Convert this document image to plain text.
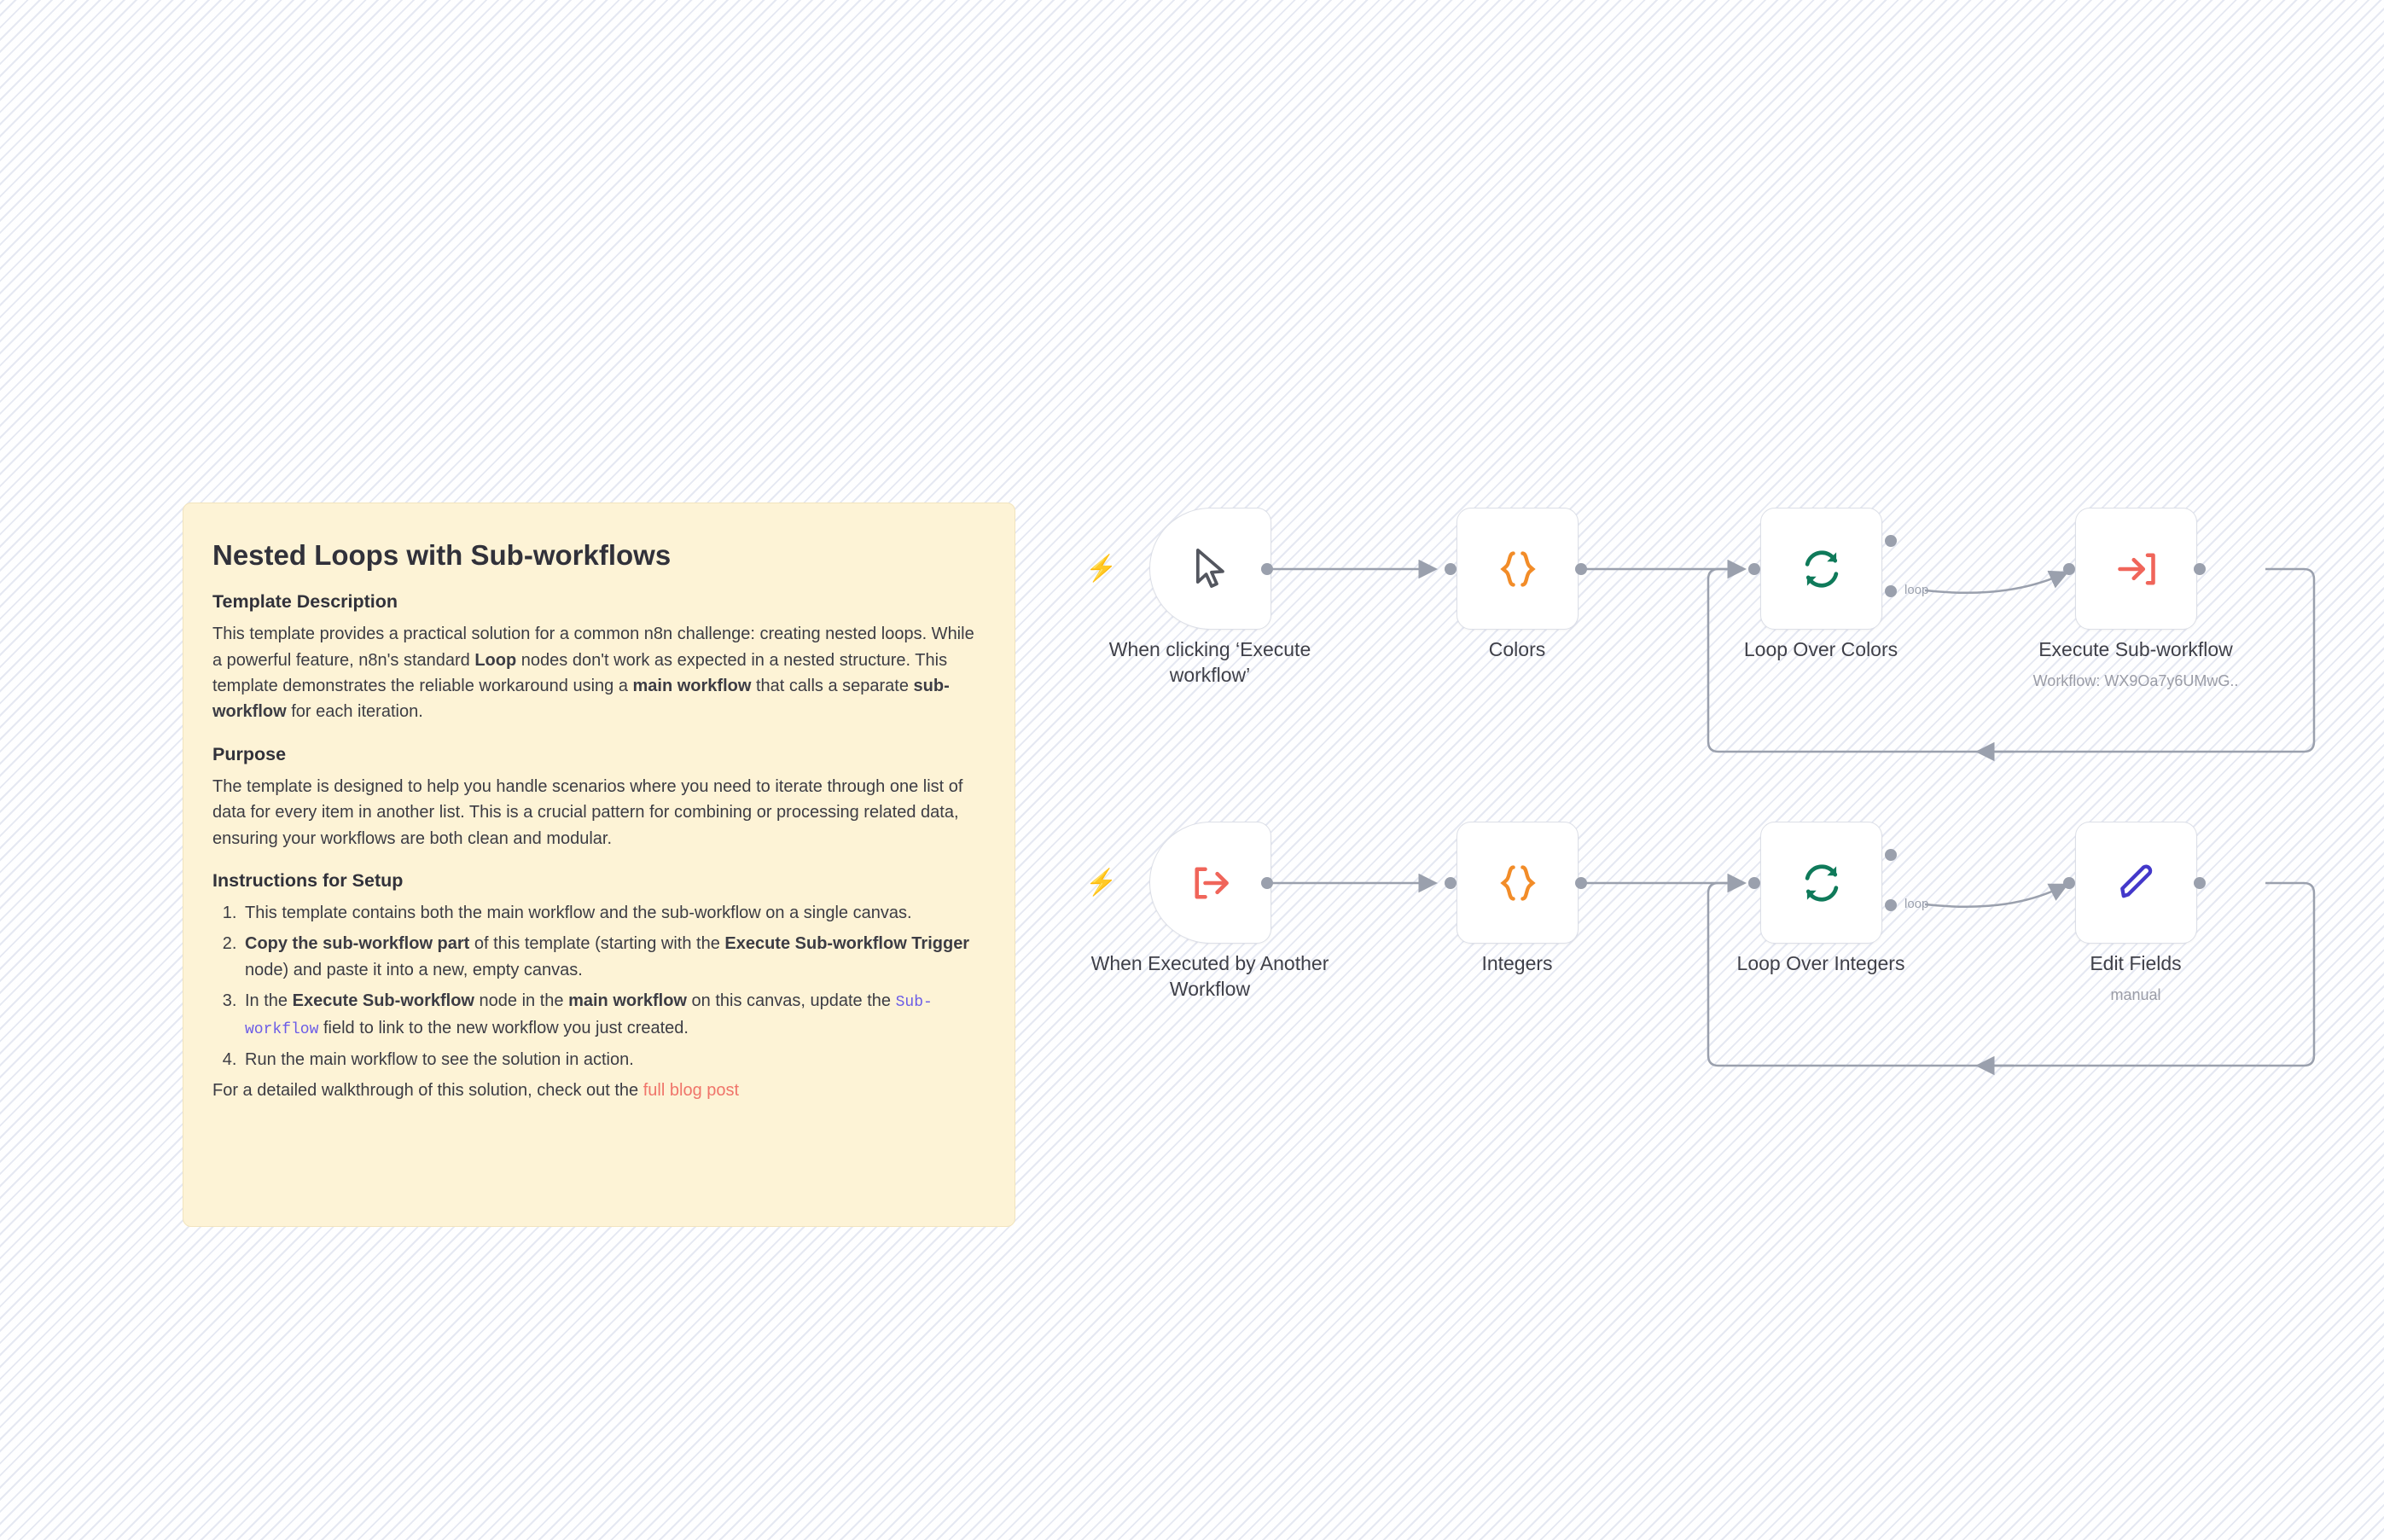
Nested Loops with Sub-workflows
Template Description

This template provides a practical solution for a common n8n challenge: creating nested loops. While a powerful feature, n8n's standard Loop nodes don't work as expected in a nested structure. This template demonstrates the reliable workaround using a main workflow that calls a separate sub-workflow for each iteration.

Purpose

The template is designed to help you handle scenarios where you need to iterate through one list of data for every item in another list. This is a crucial pattern for combining or processing related data, ensuring your workflows are both clean and modular.

Instructions for Setup
1. This template contains both the main workflow and the sub-workflow on a single canvas.
2. Copy the sub-workflow part of this template (starting with the Execute Sub-workflow Trigger node) and paste it into a new, empty canvas.
3. In the Execute Sub-workflow node in the main workflow on this canvas, update the Sub-workflow field to link to the new workflow you just created.
4. Run the main workflow to see the solution in action.

For a detailed walkthrough of this solution, check out the full blog post

⚡
When clicking ‘Execute workflow’
Colors	Loop Over Colors
loop
Execute Sub-workflow
Workflow: WX9Oa7y6UMwG..
⚡
When Executed by Another Workflow
Integers	Loop Over Integers
loop
Edit Fields
manual
